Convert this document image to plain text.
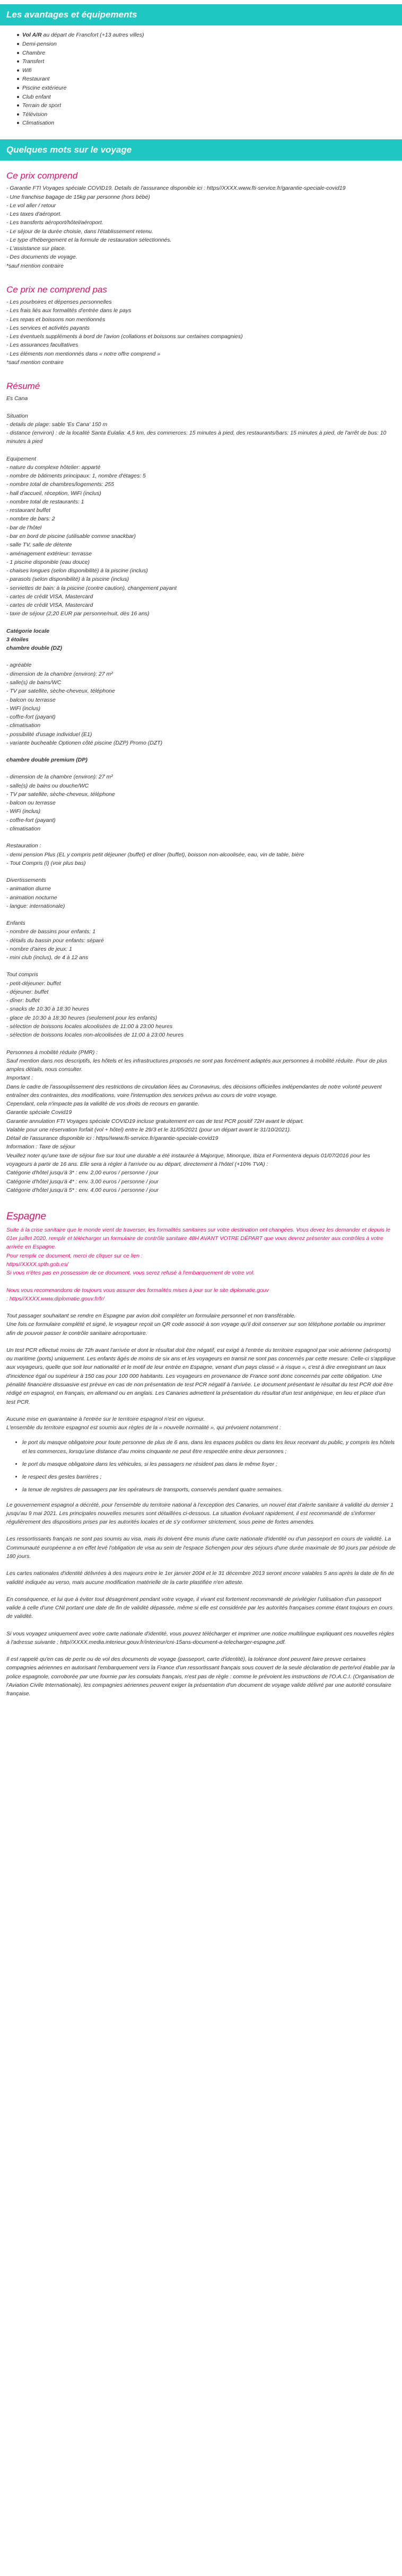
Les avantages et équipements
Vol A/R au départ de Francfort (+13 autres villes)
Demi-pension
Chambre
Transfert
Wifi
Restaurant
Piscine extérieure
Club enfant
Terrain de sport
Télévision
Climatisation
Quelques mots sur le voyage
Ce prix comprend

- Garantie FTI Voyages spéciale COVID19. Details de l'assurance disponible ici : https//XXXX.www.fti-service.fr/garantie-speciale-covid19
- Une franchise bagage de 15kg par personne (hors bébé)
- Le vol aller / retour
- Les taxes d'aéroport.
- Les transferts aéroport/hôtel/aéroport.
- Le séjour de la durée choisie, dans l'établissement retenu.
- Le type d'hébergement et la formule de restauration sélectionnés.
- L'assistance sur place.
- Des documents de voyage.
*sauf mention contraire

Ce prix ne comprend pas

- Les pourboires et dépenses personnelles
- Les frais liés aux formalités d'entrée dans le pays
- Les repas et boissons non mentionnés
- Les services et activités payants
- Les éventuels suppléments à bord de l'avion (collations et boissons sur certaines compagnies)
- Les assurances facultatives
- Les éléments non mentionnés dans « notre offre comprend »
*sauf mention contraire

Résumé

Es Cana

Situation
- details de plage: sable 'Es Cana' 150 m
- distance (environ) : de la localité Santa Eulalia: 4,5 km, des commerces: 15 minutes à pied, des restaurants/bars: 15 minutes à pied, de l'arrêt de bus: 10 minutes à pied

Equipement
- nature du complexe hôtelier: apparté
- nombre de bâtiments principaux: 1, nombre d'étages: 5
- nombre total de chambres/logements: 255
- hall d'accueil, réception, WiFi (inclus)
- nombre total de restaurants: 1
- restaurant buffet
- nombre de bars: 2
- bar de l'hôtel
- bar en bord de piscine (utilisable comme snackbar)
- salle TV, salle de détente
- aménagement extérieur: terrasse
- 1 piscine disponible (eau douce)
- chaises longues (selon disponibilité) à la piscine (inclus)
- parasols (selon disponibilité) à la piscine (inclus)
- serviettes de bain: à la piscine (contre caution), changement payant
- cartes de crédit VISA, Mastercard
- cartes de crédit VISA, Mastercard
- taxe de séjour (2,20 EUR par personne/nuit, dès 16 ans)

Catégorie locale
3 étoiles

chambre double (DZ)

- agréable
- dimension de la chambre (environ): 27 m²
- salle(s) de bains/WC
- TV par satellite, sèche-cheveux, téléphone
- balcon ou terrasse
- WiFi (inclus)
- coffre-fort (payant)
- climatisation
- possibilité d'usage individuel (E1)
- variante bucheable Optionen côté piscine (DZP) Promo (DZT)

chambre double premium (DP)

- dimension de la chambre (environ): 27 m²
- salle(s) de bains ou douche/WC
- TV par satellite, sèche-cheveux, téléphone
- balcon ou terrasse
- WiFi (inclus)
- coffre-fort (payant)
- climatisation

Restauration :
- demi pension Plus (EL y compris petit déjeuner (buffet) et dîner (buffet), boisson non-alcoolisée, eau, vin de table, bière
- Tout Compris (l) (voir plus bas)

Divertissements
- animation diurne
- animation nocturne
- langue: internationale)

Enfants
- nombre de bassins pour enfants: 1
- détails du bassin pour enfants: séparé
- nombre d'aires de jeux: 1
- mini club (inclus), de 4 à 12 ans

Tout compris
- petit-déjeuner: buffet
- déjeuner: buffet
- dîner: buffet
- snacks de 10:30 à 18:30 heures
- glace de 10:30 à 18:30 heures (seulement pour les enfants)
- sélection de boissons locales alcoolisées de 11:00 à 23:00 heures
- sélection de boissons locales non-alcoolisées de 11:00 à 23:00 heures

Personnes à mobilité réduite (PMR) :
Sauf mention dans nos descriptifs, les hôtels et les infrastructures proposés ne sont pas forcément adaptés aux personnes à mobilité réduite. Pour de plus amples détails, nous consulter.
Important :
Dans le cadre de l'assouplissement des restrictions de circulation liées au Coronavirus, des décisions officielles indépendantes de notre volonté peuvent entraîner des contraintes, des modifications, voire l'interruption des services prévus au cours de votre voyage.
Cependant, cela n'impacte pas la validité de vos droits de recours en garantie.
Garantie spéciale Covid19
Garantie annulation FTI Voyages spéciale COVID19 incluse gratuitement en cas de test PCR positif 72H avant le départ.
Valable pour une réservation forfait (vol + hôtel) entre le 29/3 et le 31/05/2021 (pour un départ avant le 31/10/2021).
Détail de l'assurance disponible ici : https//www.fti-service.fr/garantie-speciale-covid19
Information : Taxe de séjour
Veuillez noter qu'une taxe de séjour fixe sur tout une durable a été instaurée à Majorque, Minorque, Ibiza et Formentera depuis 01/07/2016 pour les voyageurs à partir de 16 ans. Elle sera à régler à l'arrivée ou au départ, directement à l'hôtel (+10% TVA) :
Catégorie d'hôtel jusqu'à 3* : env. 2,00 euros / personne / jour
Catégorie d'hôtel jusqu'à 4* : env. 3,00 euros / personne / jour
Catégorie d'hôtel jusqu'à 5* : env. 4,00 euros / personne / jour

Espagne

Suite à la crise sanitaire que le monde vient de traverser, les formalités sanitaires sur votre destination ont changées. Vous devez les demander et depuis le 01er juillet 2020, remplir et télécharger un formulaire de contrôle sanitaire 48H AVANT VOTRE DÉPART que vous devrez présenter aux contrôles à votre arrivée en Espagne.
Pour remplir ce document, merci de cliquer sur ce lien :
https//XXXX.spth.gob.es/
Si vous n'êtes pas en possession de ce document, vous serez refusé à l'embarquement de votre vol.

Nous vous recommandons de toujours vous assurer des formalités mises à jour sur le site diplomatie.gouv
: https//XXXX.www.diplomatie.gouv.fr/fr/

Tout passager souhaitant se rendre en Espagne par avion doit compléter un formulaire personnel et non transférable.
Une fois ce formulaire complété et signé, le voyageur reçoit un QR code associé à son voyage qu'il doit conserver sur son téléphone portable ou imprimer afin de pouvoir passer le contrôle sanitaire aéroportuaire.

Un test PCR effectué moins de 72h avant l'arrivée et dont le résultat doit être négatif, est exigé à l'entrée du territoire espagnol par voie aérienne (aéroports) ou maritime (ports) uniquement. Les enfants âgés de moins de six ans et les voyageurs en transit ne sont pas concernés par cette mesure. Celle-ci s'applique aux voyageurs, quelle que soit leur nationalité et le motif de leur entrée en Espagne, venant d'un pays classé « à risque », c'est à dire enregistrant un taux d'incidence égal ou supérieur à 150 cas pour 100 000 habitants. Les voyageurs en provenance de France sont donc concernés par cette obligation. Une pénalité financière dissuasive est prévue en cas de non présentation de test PCR négatif à l'arrivée. Le document présentant le résultat du test PCR doit être rédigé en espagnol, en français, en allemand ou en anglais. Les Canaries admettent la présentation du résultat d'un test antigénique, en lieu et place d'un test PCR.

Aucune mise en quarantaine à l'entrée sur le territoire espagnol n'est en vigueur.
L'ensemble du territoire espagnol est soumis aux règles de la « nouvelle normalité », qui prévoient notamment :

• le port du masque obligatoire pour toute personne de plus de 6 ans, dans les espaces publics ou dans les lieux recevant du public, y compris les hôtels et les commerces, lorsqu'une distance d'au moins cinquante ne peut être respectée entre deux personnes ;
• le port du masque obligatoire dans les véhicules, si les passagers ne résident pas dans le même foyer ;
• le respect des gestes barrières ;
• la tenue de registres de passagers par les opérateurs de transports, conservés pendant quatre semaines.

Le gouvernement espagnol a décrété, pour l'ensemble du territoire national à l'exception des Canaries, un nouvel état d'alerte sanitaire à validité du dernier 1 jusqu'au 9 mai 2021. Les principales nouvelles mesures sont détaillées ci-dessous. La situation évoluant rapidement, il est recommandé de s'informer régulièrement des dispositions prises par les autorités locales et de s'y conformer strictement, sous peine de fortes amendes.

Les ressortissants français ne sont pas soumis au visa, mais ils doivent être munis d'une carte nationale d'identité ou d'un passeport en cours de validité. La Communauté européenne a en effet levé l'obligation de visa au sein de l'espace Schengen pour des séjours d'une durée maximale de 90 jours par période de 180 jours.

Les cartes nationales d'identité délivrées à des majeurs entre le 1er janvier 2004 et le 31 décembre 2013 seront encore valables 5 ans après la date de fin de validité indiquée au verso, mais aucune modification matérielle de la carte plastifiée n'en atteste.

En conséquence, et lui que à éviter tout désagrément pendant votre voyage, il vivant est fortement recommandé de privilégier l'utilisation d'un passeport valide à celle d'une CNI portant une date de fin de validité dépassée, même si elle est considérée par les autorités françaises comme étant toujours en cours de validité.

Si vous voyagez uniquement avec votre carte nationale d'identité, vous pouvez télécharger et imprimer une notice multilingue expliquant ces nouvelles règles à l'adresse suivante : http//XXXX.media.interieur.gouv.fr/interieur/cni-15ans-document-a-telecharger-espagne.pdf.

Il est rappelé qu'en cas de perte ou de vol des documents de voyage (passeport, carte d'identité), la tolérance dont peuvent faire preuve certaines compagnies aériennes en autorisant l'embarquement vers la France d'un ressortissant français sous couvert de la seule déclaration de perte/vol établie par la police espagnole, corroborée par une fournie par les consulats français, n'est pas de règle : comme le prévoient les instructions de l'O.A.C.I. (Organisation de l'Aviation Civile Internationale), les compagnies aériennes peuvent exiger la présentation d'un document de voyage valide délivré par une autorité consulaire française.
